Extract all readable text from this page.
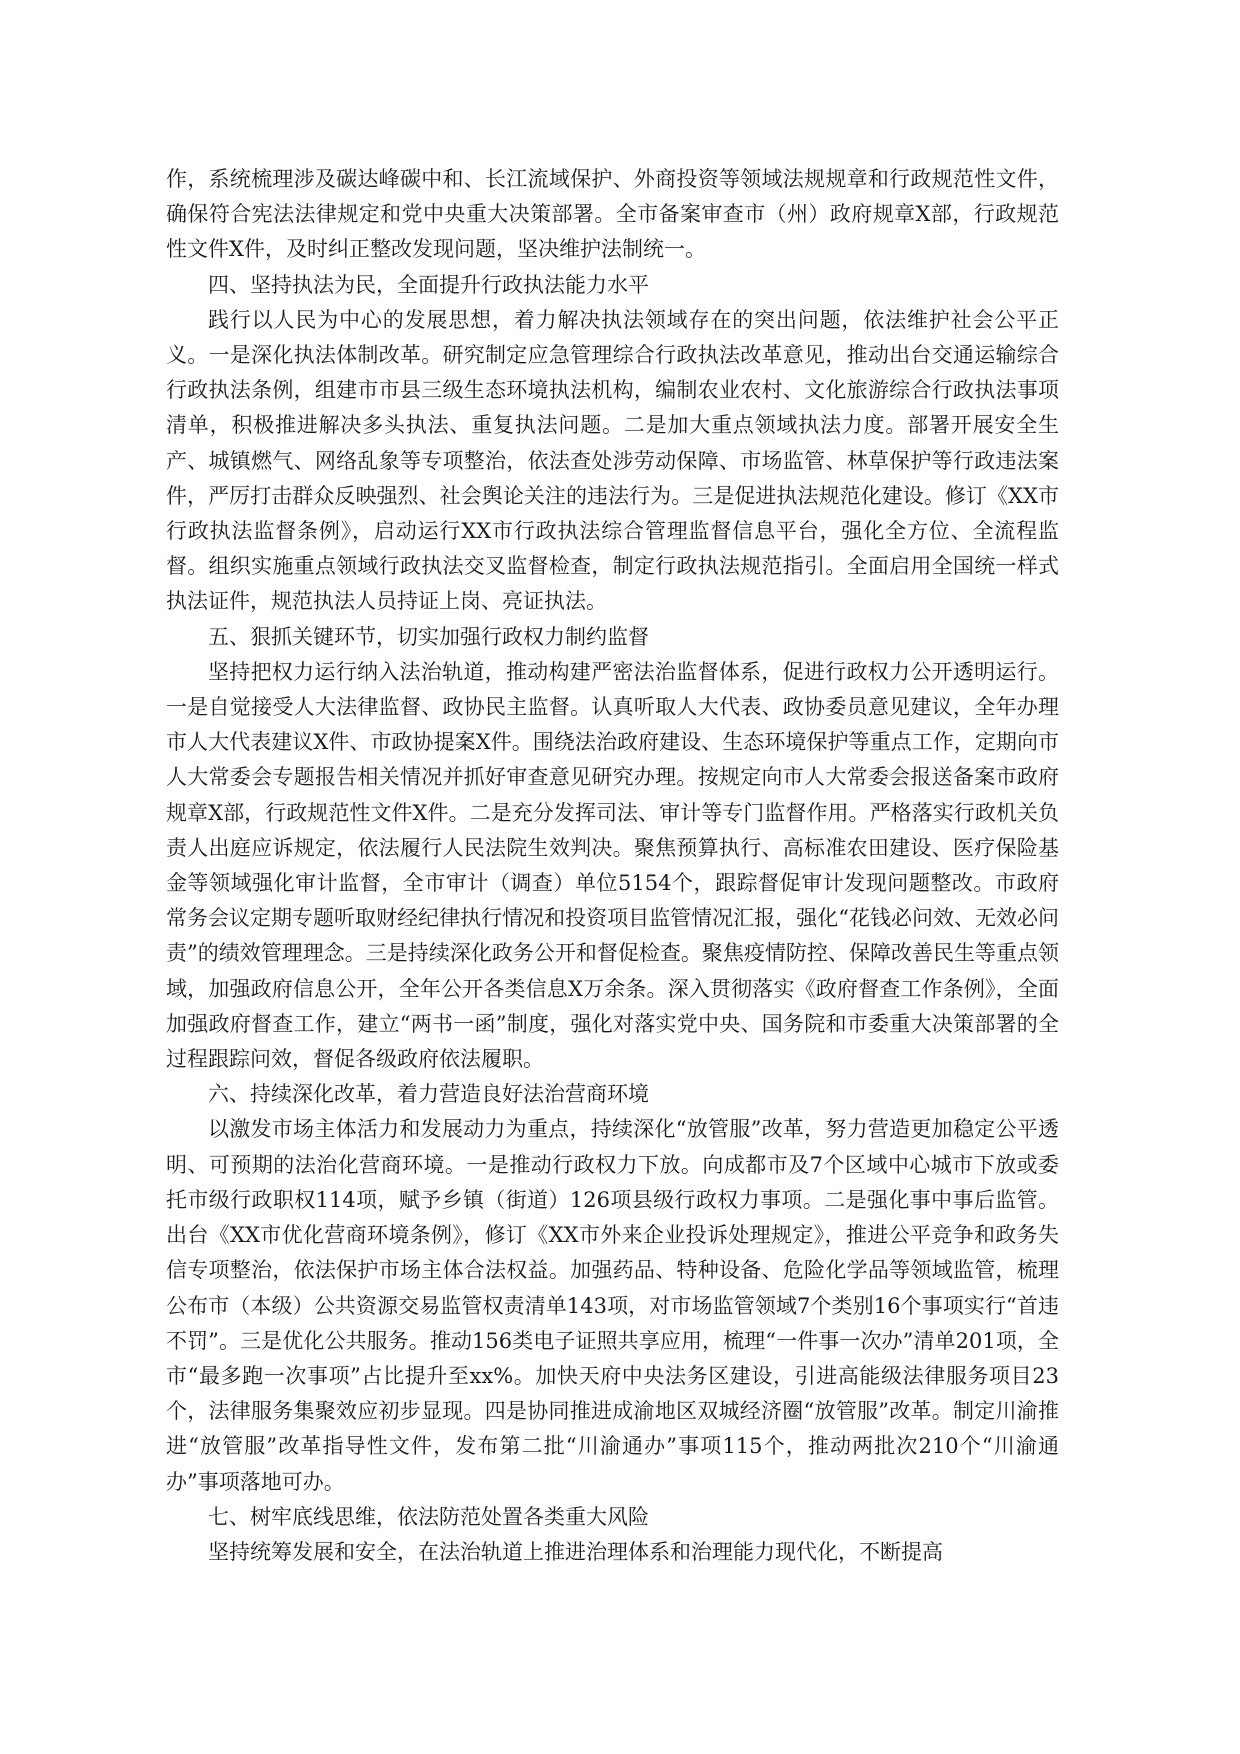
作，系统梳理涉及碳达峰碳中和、长江流域保护、外商投资等领域法规规章和行政规范性文件，确保符合宪法法律规定和党中央重大决策部署。全市备案审查市（州）政府规章X部，行政规范性文件X件，及时纠正整改发现问题，坚决维护法制统一。

四、坚持执法为民，全面提升行政执法能力水平

践行以人民为中心的发展思想，着力解决执法领域存在的突出问题，依法维护社会公平正义。一是深化执法体制改革。研究制定应急管理综合行政执法改革意见，推动出台交通运输综合行政执法条例，组建市市县三级生态环境执法机构，编制农业农村、文化旅游综合行政执法事项清单，积极推进解决多头执法、重复执法问题。二是加大重点领域执法力度。部署开展安全生产、城镇燃气、网络乱象等专项整治，依法查处涉劳动保障、市场监管、林草保护等行政违法案件，严厉打击群众反映强烈、社会舆论关注的违法行为。三是促进执法规范化建设。修订《XX市行政执法监督条例》，启动运行XX市行政执法综合管理监督信息平台，强化全方位、全流程监督。组织实施重点领域行政执法交叉监督检查，制定行政执法规范指引。全面启用全国统一样式执法证件，规范执法人员持证上岗、亮证执法。

五、狠抓关键环节，切实加强行政权力制约监督

坚持把权力运行纳入法治轨道，推动构建严密法治监督体系，促进行政权力公开透明运行。一是自觉接受人大法律监督、政协民主监督。认真听取人大代表、政协委员意见建议，全年办理市人大代表建议X件、市政协提案X件。围绕法治政府建设、生态环境保护等重点工作，定期向市人大常委会专题报告相关情况并抓好审查意见研究办理。按规定向市人大常委会报送备案市政府规章X部，行政规范性文件X件。二是充分发挥司法、审计等专门监督作用。严格落实行政机关负责人出庭应诉规定，依法履行人民法院生效判决。聚焦预算执行、高标准农田建设、医疗保险基金等领域强化审计监督，全市审计（调查）单位5154个，跟踪督促审计发现问题整改。市政府常务会议定期专题听取财经纪律执行情况和投资项目监管情况汇报，强化“花钱必问效、无效必问责”的绩效管理理念。三是持续深化政务公开和督促检查。聚焦疫情防控、保障改善民生等重点领域，加强政府信息公开，全年公开各类信息X万余条。深入贯彻落实《政府督查工作条例》，全面加强政府督查工作，建立“两书一函”制度，强化对落实党中央、国务院和市委重大决策部署的全过程跟踪问效，督促各级政府依法履职。

六、持续深化改革，着力营造良好法治营商环境

以激发市场主体活力和发展动力为重点，持续深化“放管服”改革，努力营造更加稳定公平透明、可预期的法治化营商环境。一是推动行政权力下放。向成都市及7个区域中心城市下放或委托市级行政职权114项，赋予乡镇（街道）126项县级行政权力事项。二是强化事中事后监管。出台《XX市优化营商环境条例》，修订《XX市外来企业投诉处理规定》，推进公平竞争和政务失信专项整治，依法保护市场主体合法权益。加强药品、特种设备、危险化学品等领域监管，梳理公布市（本级）公共资源交易监管权责清单143项，对市场监管领域7个类别16个事项实行“首违不罚”。三是优化公共服务。推动156类电子证照共享应用，梳理“一件事一次办”清单201项，全市“最多跑一次事项”占比提升至xx%。加快天府中央法务区建设，引进高能级法律服务项目23个，法律服务集聚效应初步显现。四是协同推进成渝地区双城经济圈“放管服”改革。制定川渝推进“放管服”改革指导性文件，发布第二批“川渝通办”事项115个，推动两批次210个“川渝通办”事项落地可办。

七、树牢底线思维，依法防范处置各类重大风险

坚持统筹发展和安全，在法治轨道上推进治理体系和治理能力现代化，不断提高
